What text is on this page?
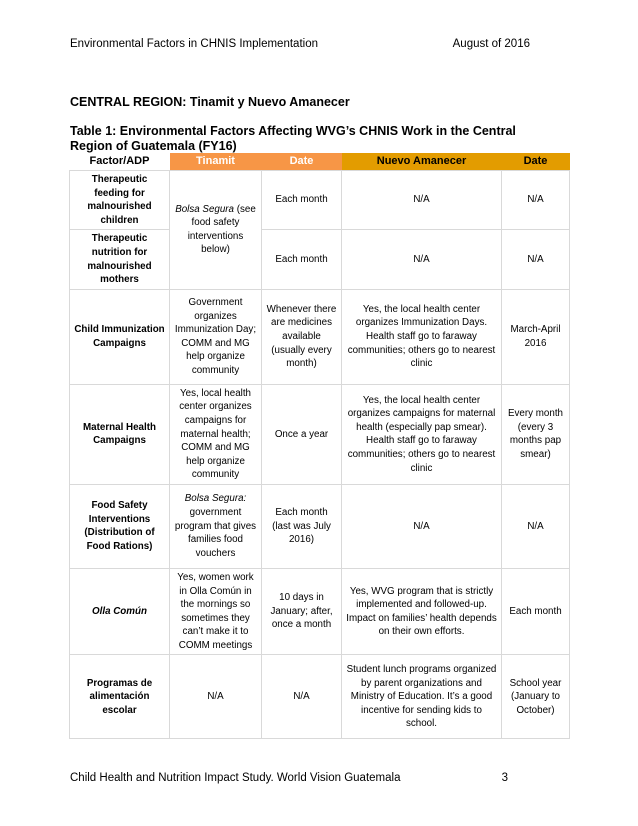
Environmental Factors in CHNIS Implementation	August of 2016
CENTRAL REGION: Tinamit y Nuevo Amanecer
Table 1: Environmental Factors Affecting WVG’s CHNIS Work in the Central Region of Guatemala (FY16)
Factor/ADP	Tinamit	Date	Nuevo Amanecer	Date
Therapeutic feeding for malnourished children	Bolsa Segura (see food safety interventions below)	Each month	N/A	N/A
Therapeutic nutrition for malnourished mothers		Each month	N/A	N/A
Child Immunization Campaigns	Government organizes Immunization Day; COMM and MG help organize community	Whenever there are medicines available (usually every month)	Yes, the local health center organizes Immunization Days. Health staff go to faraway communities; others go to nearest clinic	March-April 2016
Maternal Health Campaigns	Yes, local health center organizes campaigns for maternal health; COMM and MG help organize community	Once a year	Yes, the local health center organizes campaigns for maternal health (especially pap smear). Health staff go to faraway communities; others go to nearest clinic	Every month (every 3 months pap smear)
Food Safety Interventions (Distribution of Food Rations)	Bolsa Segura: government program that gives families food vouchers	Each month (last was July 2016)	N/A	N/A
Olla Común	Yes, women work in Olla Común in the mornings so sometimes they can’t make it to COMM meetings	10 days in January; after, once a month	Yes, WVG program that is strictly implemented and followed-up. Impact on families’ health depends on their own efforts.	Each month
Programas de alimentación escolar	N/A	N/A	Student lunch programs organized by parent organizations and Ministry of Education. It’s a good incentive for sending kids to school.	School year (January to October)
Child Health and Nutrition Impact Study. World Vision Guatemala	3
